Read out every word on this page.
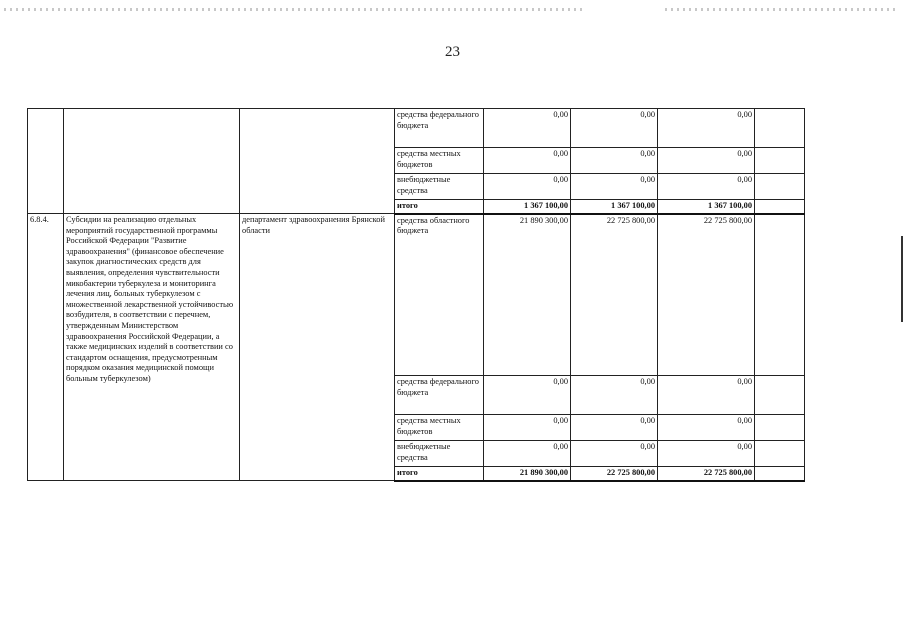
23
			средства федерального бюджета	0,00	0,00	0,00	
			средства местных бюджетов	0,00	0,00	0,00	
			внебюджетные средства	0,00	0,00	0,00	
			итого	1 367 100,00	1 367 100,00	1 367 100,00	
6.8.4.	Субсидии на реализацию отдельных мероприятий государственной программы Российской Федерации "Развитие здравоохранения" (финансовое обеспечение закупок диагностических средств для выявления, определения чувствительности микобактерии туберкулеза и мониторинга лечения лиц, больных туберкулезом с множественной лекарственной устойчивостью возбудителя, в соответствии с перечнем, утвержденным Министерством здравоохранения Российской Федерации, а также медицинских изделий в соответствии со стандартом оснащения, предусмотренным порядком оказания медицинской помощи больным туберкулезом)	департамент здравоохранения Брянской области	средства областного бюджета	21 890 300,00	22 725 800,00	22 725 800,00	
			средства федерального бюджета	0,00	0,00	0,00	
			средства местных бюджетов	0,00	0,00	0,00	
			внебюджетные средства	0,00	0,00	0,00	
			итого	21 890 300,00	22 725 800,00	22 725 800,00	
